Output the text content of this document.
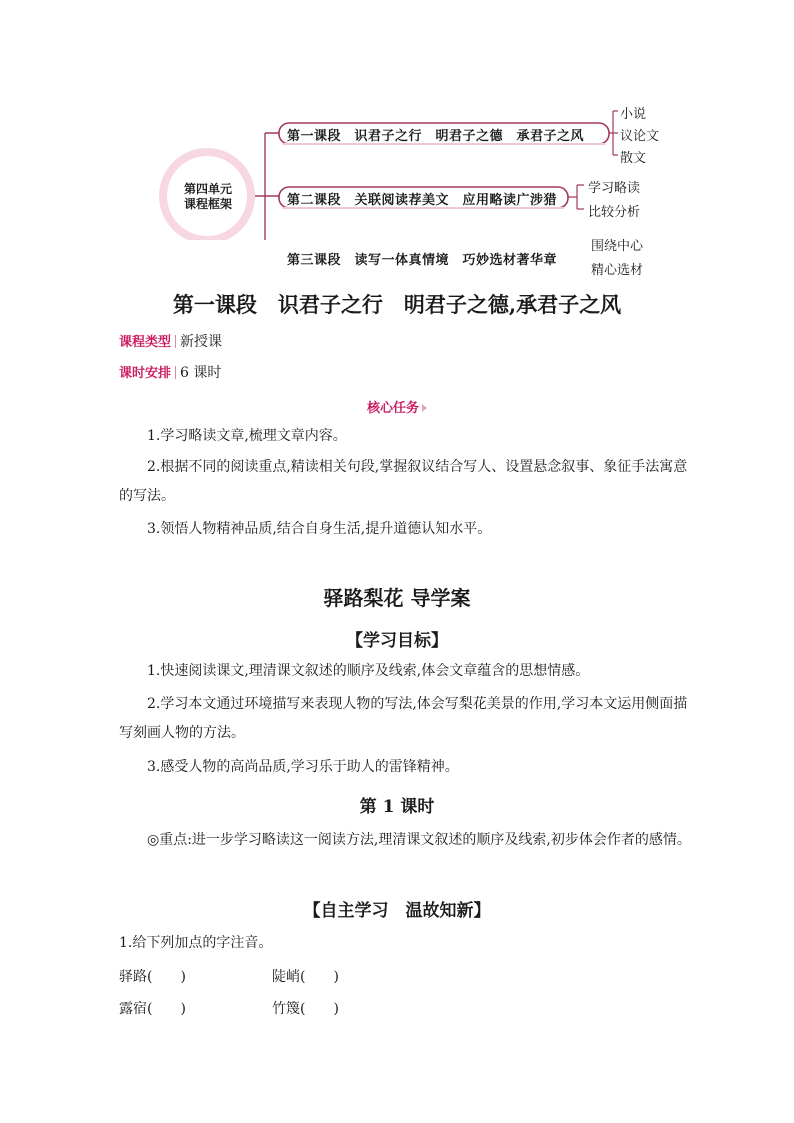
第四单元
课程框架
第一课段　识君子之行　明君子之德　承君子之风
第二课段　关联阅读荐美文　应用略读广涉猎
第三课段　读写一体真情境　巧妙选材著华章
小说
议论文
散文
学习略读
比较分析
围绕中心
精心选材
第一课段　识君子之行　明君子之德,承君子之风
课程类型 新授课
课时安排 6 课时
核心任务
1.学习略读文章,梳理文章内容。
2.根据不同的阅读重点,精读相关句段,掌握叙议结合写人、设置悬念叙事、象征手法寓意的写法。
3.领悟人物精神品质,结合自身生活,提升道德认知水平。
驿路梨花 导学案
【学习目标】
1.快速阅读课文,理清课文叙述的顺序及线索,体会文章蕴含的思想情感。
2.学习本文通过环境描写来表现人物的写法,体会写梨花美景的作用,学习本文运用侧面描写刻画人物的方法。
3.感受人物的高尚品质,学习乐于助人的雷锋精神。
第 1 课时
◎重点:进一步学习略读这一阅读方法,理清课文叙述的顺序及线索,初步体会作者的感情。
【自主学习　温故知新】
1.给下列加点的字注音。
驿路(　　)	陡峭(　　)
露宿(　　)	竹篾(　　)
